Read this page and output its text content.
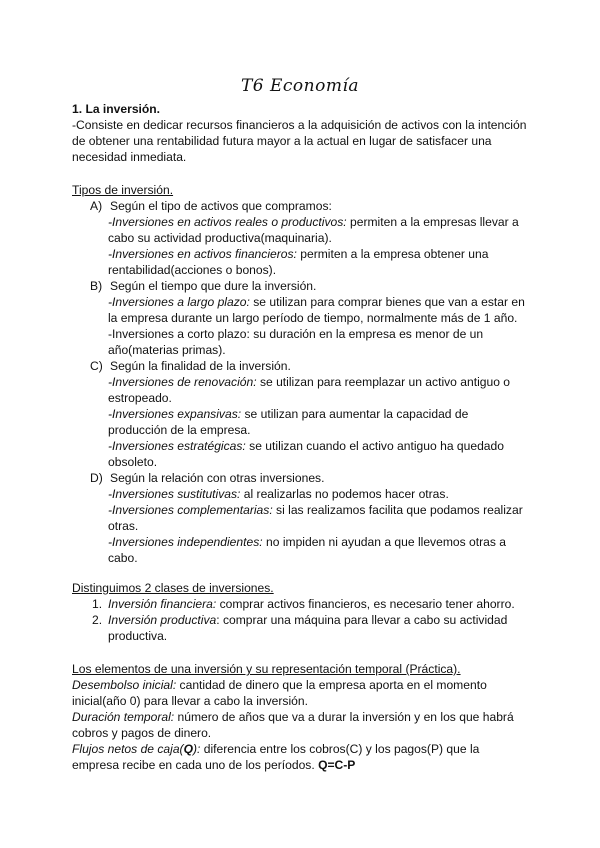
T6 Economía
1. La inversión.
-Consiste en dedicar recursos financieros a la adquisición de activos con la intención
de obtener una rentabilidad futura mayor a la actual en lugar de satisfacer una
necesidad inmediata.
Tipos de inversión.
A) Según el tipo de activos que compramos:
-Inversiones en activos reales o productivos: permiten a la empresas llevar a
cabo su actividad productiva(maquinaria).
-Inversiones en activos financieros: permiten a la empresa obtener una
rentabilidad(acciones o bonos).
B) Según el tiempo que dure la inversión.
-Inversiones a largo plazo: se utilizan para comprar bienes que van a estar en
la empresa durante un largo período de tiempo, normalmente más de 1 año.
-Inversiones a corto plazo: su duración en la empresa es menor de un
año(materias primas).
C) Según la finalidad de la inversión.
-Inversiones de renovación: se utilizan para reemplazar un activo antiguo o
estropeado.
-Inversiones expansivas: se utilizan para aumentar la capacidad de
producción de la empresa.
-Inversiones estratégicas: se utilizan cuando el activo antiguo ha quedado
obsoleto.
D) Según la relación con otras inversiones.
-Inversiones sustitutivas: al realizarlas no podemos hacer otras.
-Inversiones complementarias: si las realizamos facilita que podamos realizar
otras.
-Inversiones independientes: no impiden ni ayudan a que llevemos otras a
cabo.
Distinguimos 2 clases de inversiones.
1. Inversión financiera: comprar activos financieros, es necesario tener ahorro.
2. Inversión productiva: comprar una máquina para llevar a cabo su actividad
productiva.
Los elementos de una inversión y su representación temporal (Práctica).
Desembolso inicial: cantidad de dinero que la empresa aporta en el momento
inicial(año 0) para llevar a cabo la inversión.
Duración temporal: número de años que va a durar la inversión y en los que habrá
cobros y pagos de dinero.
Flujos netos de caja(Q): diferencia entre los cobros(C) y los pagos(P) que la
empresa recibe en cada uno de los períodos. Q=C-P
